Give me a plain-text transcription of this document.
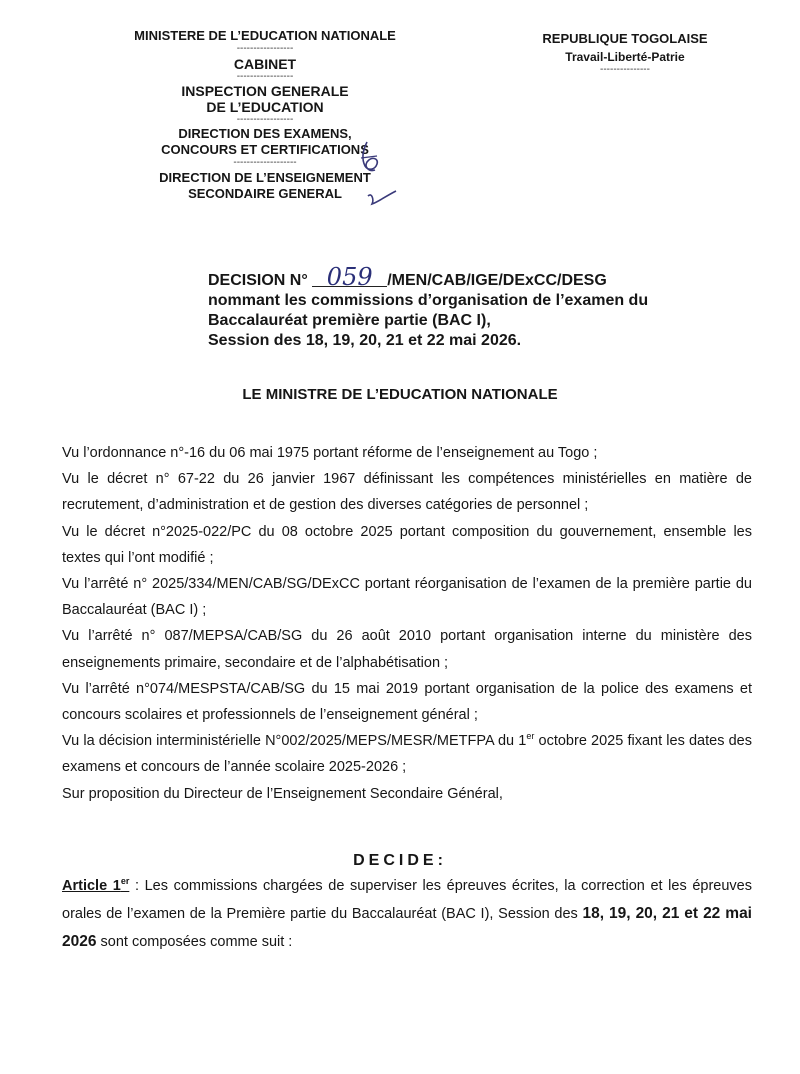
MINISTERE DE L’EDUCATION NATIONALE
-----------------
CABINET
-----------------
INSPECTION GENERALE
DE L’EDUCATION
-----------------
DIRECTION DES EXAMENS,
CONCOURS ET CERTIFICATIONS
-------------------
DIRECTION DE L’ENSEIGNEMENT
SECONDAIRE GENERAL
REPUBLIQUE TOGOLAISE
Travail-Liberté-Patrie
---------------
DECISION N° 059 /MEN/CAB/IGE/DExCC/DESG
nommant les commissions d’organisation de l’examen du
Baccalauréat première partie (BAC I),
Session des 18, 19, 20, 21 et 22 mai 2026.
LE MINISTRE DE L’EDUCATION NATIONALE

Vu l’ordonnance n°-16 du 06 mai 1975 portant réforme de l’enseignement au Togo ;

Vu le décret n° 67-22 du 26 janvier 1967 définissant les compétences ministérielles en matière de recrutement, d’administration et de gestion des diverses catégories de personnel ;

Vu le décret n°2025-022/PC du 08 octobre 2025 portant composition du gouvernement, ensemble les textes qui l’ont modifié ;

Vu l’arrêté n° 2025/334/MEN/CAB/SG/DExCC portant réorganisation de l’examen de la première partie du Baccalauréat (BAC I) ;

Vu l’arrêté n° 087/MEPSA/CAB/SG du 26 août 2010 portant organisation interne du ministère des enseignements primaire, secondaire et de l’alphabétisation ;

Vu l’arrêté n°074/MESPSTA/CAB/SG du 15 mai 2019 portant organisation de la police des examens et concours scolaires et professionnels de l’enseignement général ;

Vu la décision interministérielle N°002/2025/MEPS/MESR/METFPA du 1er octobre 2025 fixant les dates des examens et concours de l’année scolaire 2025-2026 ;

Sur proposition du Directeur de l’Enseignement Secondaire Général,

DECIDE:
Article 1er : Les commissions chargées de superviser les épreuves écrites, la correction et les épreuves orales de l’examen de la Première partie du Baccalauréat (BAC I), Session des 18, 19, 20, 21 et 22 mai 2026 sont composées comme suit :
